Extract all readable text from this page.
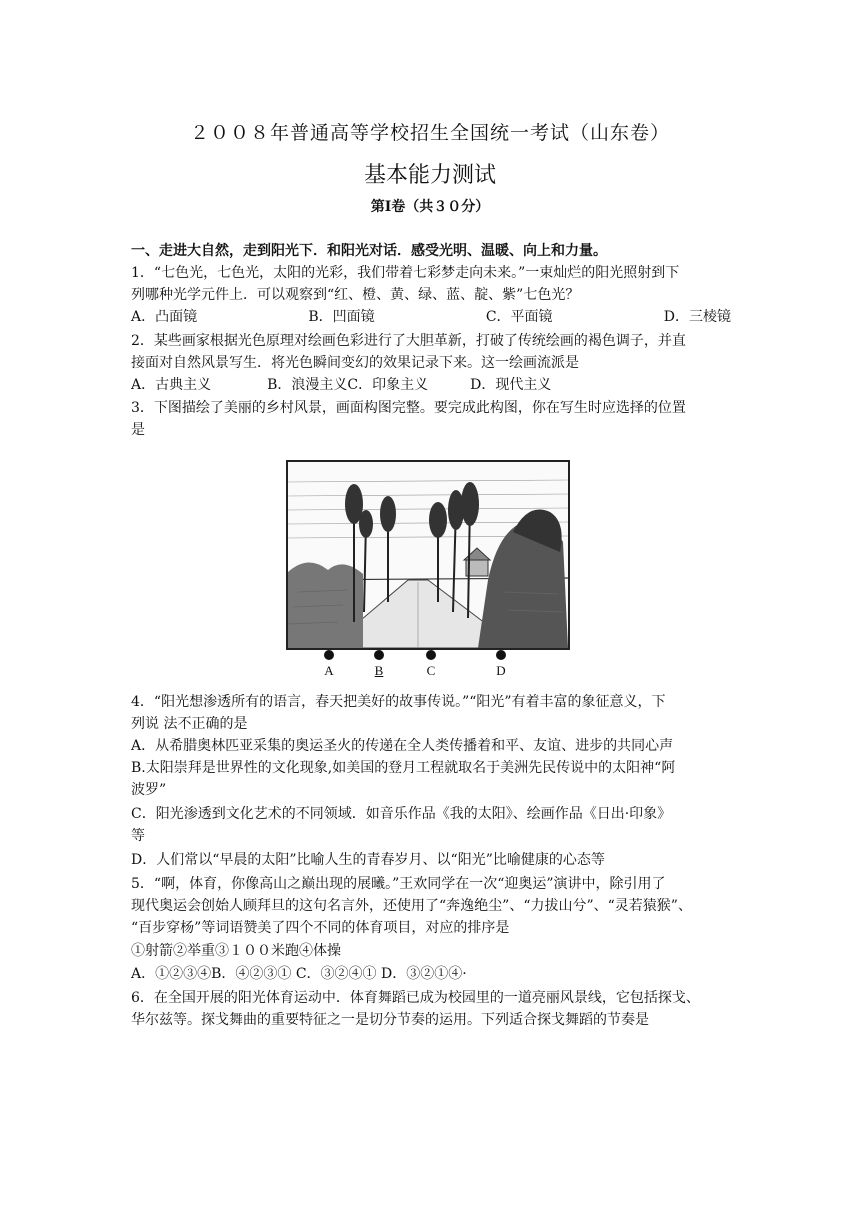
２００８年普通高等学校招生全国统一考试（山东卷）
基本能力测试
第Ⅰ卷（共３０分）
一、走进大自然，走到阳光下．和阳光对话．感受光明、温暖、向上和力量。
1．“七色光，七色光，太阳的光彩，我们带着七彩梦走向未来。”一束灿烂的阳光照射到下
列哪种光学元件上．可以观察到“红、橙、黄、绿、蓝、靛、紫”七色光？
A．凸面镜	B．凹面镜	C．平面镜	D．三棱镜
2．某些画家根据光色原理对绘画色彩进行了大胆革新，打破了传统绘画的褐色调子，并直
接面对自然风景写生．将光色瞬间变幻的效果记录下来。这一绘画流派是
A．古典主义　　　　B．浪漫主义C．印象主义　　　D．现代主义
3．下图描绘了美丽的乡村风景，画面构图完整。要完成此构图，你在写生时应选择的位置
是
A	B	C	D
4．“阳光想渗透所有的语言，春天把美好的故事传说。”“阳光”有着丰富的象征意义，下
列说 法不正确的是
A．从希腊奥林匹亚采集的奥运圣火的传递在全人类传播着和平、友谊、进步的共同心声
B.太阳崇拜是世界性的文化现象,如美国的登月工程就取名于美洲先民传说中的太阳神“阿
波罗”
C．阳光渗透到文化艺术的不同领域．如音乐作品《我的太阳》、绘画作品《日出·印象》
等
D．人们常以“早晨的太阳”比喻人生的青春岁月、以“阳光”比喻健康的心态等
5．“啊，体育，你像高山之巅出现的展曦。”王欢同学在一次“迎奥运”演讲中，除引用了
现代奥运会创始人顾拜旦的这句名言外，还使用了“奔逸绝尘”、“力拔山兮”、“灵若猿猴”、
“百步穿杨”等词语赞美了四个不同的体育项目，对应的排序是
①射箭②举重③１００米跑④体操
A．①②③④B．④②③① C．③②④① D．③②①④·
6．在全国开展的阳光体育运动中．体育舞蹈已成为校园里的一道亮丽风景线，它包括探戈、
华尔兹等。探戈舞曲的重要特征之一是切分节奏的运用。下列适合探戈舞蹈的节奏是
